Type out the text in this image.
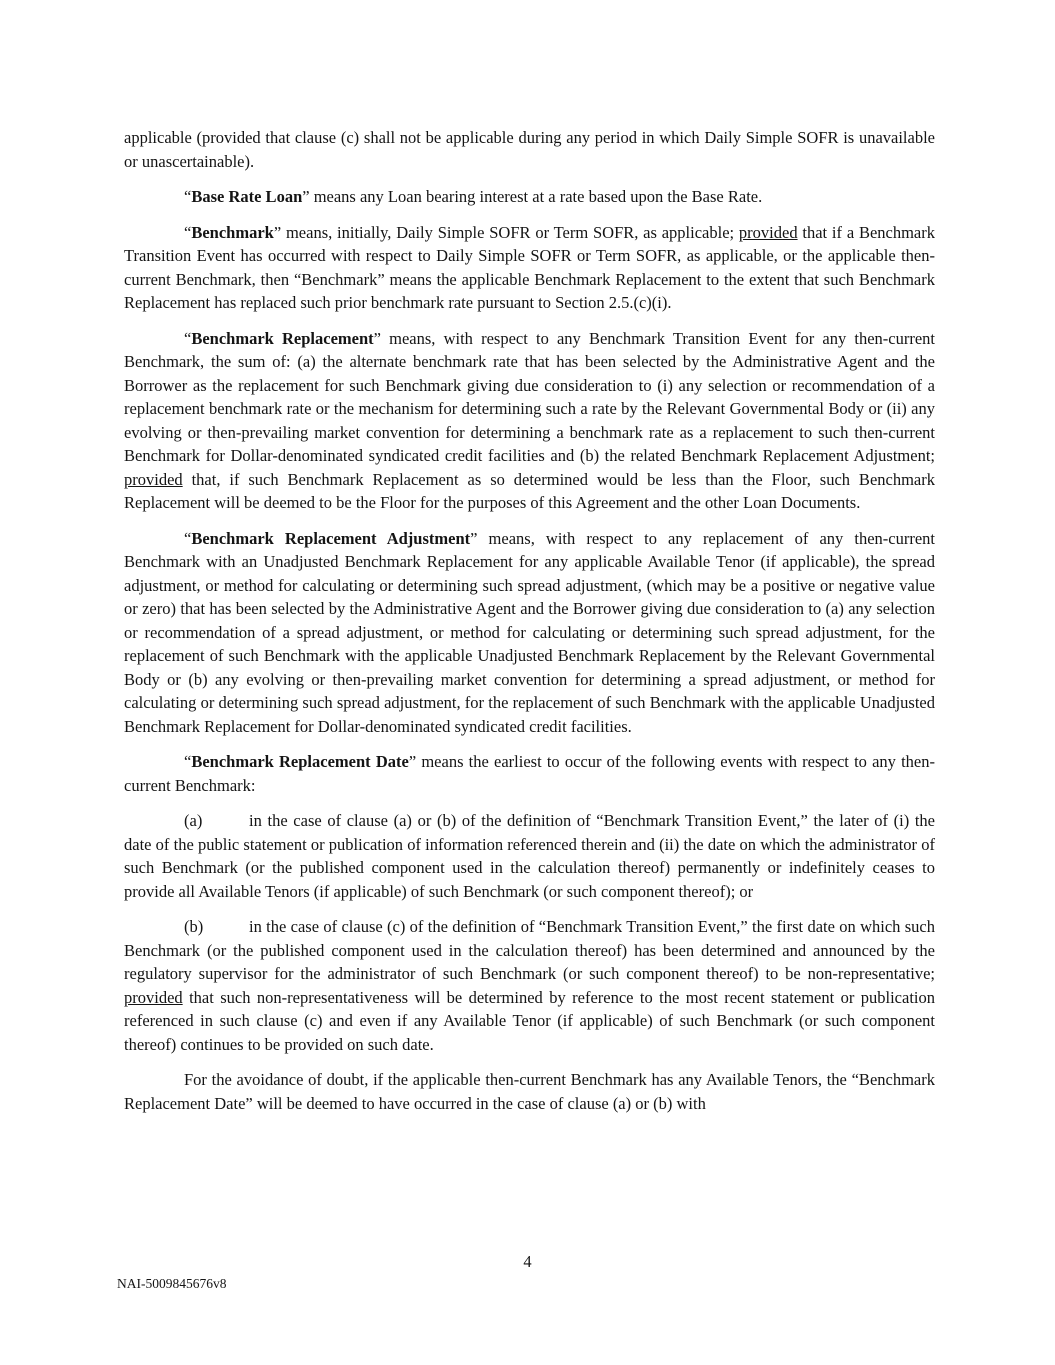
applicable (provided that clause (c) shall not be applicable during any period in which Daily Simple SOFR is unavailable or unascertainable).

“Base Rate Loan” means any Loan bearing interest at a rate based upon the Base Rate.

“Benchmark” means, initially, Daily Simple SOFR or Term SOFR, as applicable; provided that if a Benchmark Transition Event has occurred with respect to Daily Simple SOFR or Term SOFR, as applicable, or the applicable then-current Benchmark, then “Benchmark” means the applicable Benchmark Replacement to the extent that such Benchmark Replacement has replaced such prior benchmark rate pursuant to Section 2.5.(c)(i).

“Benchmark Replacement” means, with respect to any Benchmark Transition Event for any then-current Benchmark, the sum of: (a) the alternate benchmark rate that has been selected by the Administrative Agent and the Borrower as the replacement for such Benchmark giving due consideration to (i) any selection or recommendation of a replacement benchmark rate or the mechanism for determining such a rate by the Relevant Governmental Body or (ii) any evolving or then-prevailing market convention for determining a benchmark rate as a replacement to such then-current Benchmark for Dollar-denominated syndicated credit facilities and (b) the related Benchmark Replacement Adjustment; provided that, if such Benchmark Replacement as so determined would be less than the Floor, such Benchmark Replacement will be deemed to be the Floor for the purposes of this Agreement and the other Loan Documents.

“Benchmark Replacement Adjustment” means, with respect to any replacement of any then-current Benchmark with an Unadjusted Benchmark Replacement for any applicable Available Tenor (if applicable), the spread adjustment, or method for calculating or determining such spread adjustment, (which may be a positive or negative value or zero) that has been selected by the Administrative Agent and the Borrower giving due consideration to (a) any selection or recommendation of a spread adjustment, or method for calculating or determining such spread adjustment, for the replacement of such Benchmark with the applicable Unadjusted Benchmark Replacement by the Relevant Governmental Body or (b) any evolving or then-prevailing market convention for determining a spread adjustment, or method for calculating or determining such spread adjustment, for the replacement of such Benchmark with the applicable Unadjusted Benchmark Replacement for Dollar-denominated syndicated credit facilities.

“Benchmark Replacement Date” means the earliest to occur of the following events with respect to any then-current Benchmark:

(a)	in the case of clause (a) or (b) of the definition of “Benchmark Transition Event,” the later of (i) the date of the public statement or publication of information referenced therein and (ii) the date on which the administrator of such Benchmark (or the published component used in the calculation thereof) permanently or indefinitely ceases to provide all Available Tenors (if applicable) of such Benchmark (or such component thereof); or

(b)	in the case of clause (c) of the definition of “Benchmark Transition Event,” the first date on which such Benchmark (or the published component used in the calculation thereof) has been determined and announced by the regulatory supervisor for the administrator of such Benchmark (or such component thereof) to be non-representative; provided that such non-representativeness will be determined by reference to the most recent statement or publication referenced in such clause (c) and even if any Available Tenor (if applicable) of such Benchmark (or such component thereof) continues to be provided on such date.

For the avoidance of doubt, if the applicable then-current Benchmark has any Available Tenors, the “Benchmark Replacement Date” will be deemed to have occurred in the case of clause (a) or (b) with

4
NAI-5009845676v8
